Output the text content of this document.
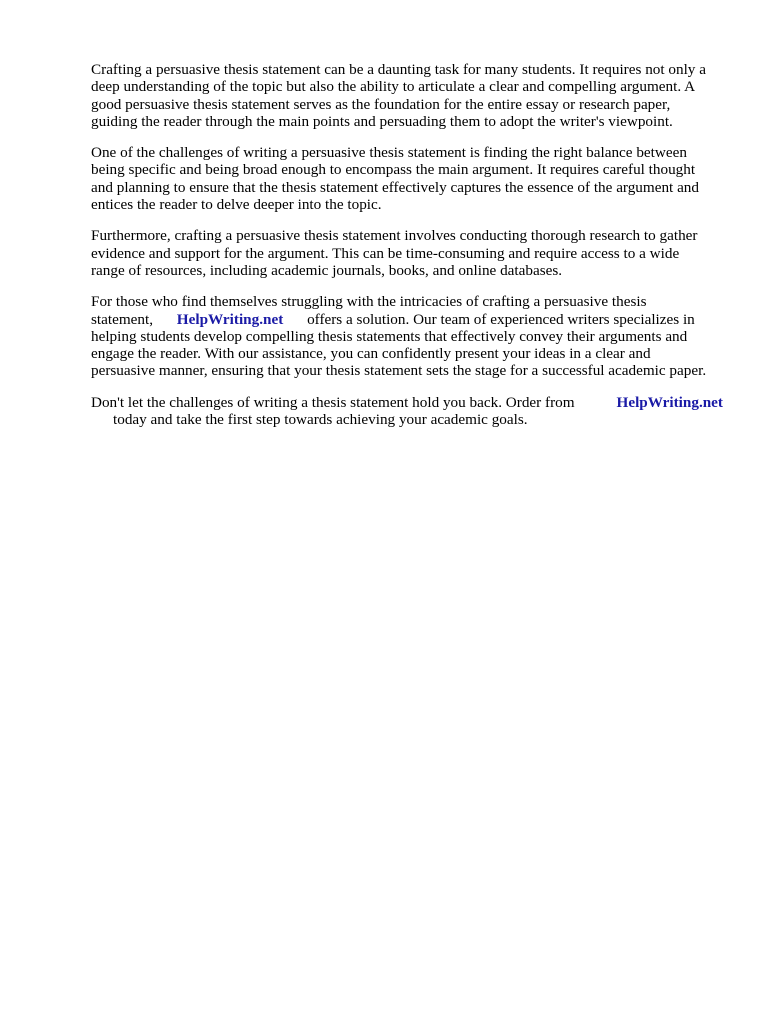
Crafting a persuasive thesis statement can be a daunting task for many students. It requires not only a
deep understanding of the topic but also the ability to articulate a clear and compelling argument. A
good persuasive thesis statement serves as the foundation for the entire essay or research paper,
guiding the reader through the main points and persuading them to adopt the writer's viewpoint.

One of the challenges of writing a persuasive thesis statement is finding the right balance between
being specific and being broad enough to encompass the main argument. It requires careful thought
and planning to ensure that the thesis statement effectively captures the essence of the argument and
entices the reader to delve deeper into the topic.

Furthermore, crafting a persuasive thesis statement involves conducting thorough research to gather
evidence and support for the argument. This can be time-consuming and require access to a wide
range of resources, including academic journals, books, and online databases.

For those who find themselves struggling with the intricacies of crafting a persuasive thesis
statement, HelpWriting.net offers a solution. Our team of experienced writers specializes in
helping students develop compelling thesis statements that effectively convey their arguments and
engage the reader. With our assistance, you can confidently present your ideas in a clear and
persuasive manner, ensuring that your thesis statement sets the stage for a successful academic paper.

Don't let the challenges of writing a thesis statement hold you back. Order from	HelpWriting.net
today and take the first step towards achieving your academic goals.
